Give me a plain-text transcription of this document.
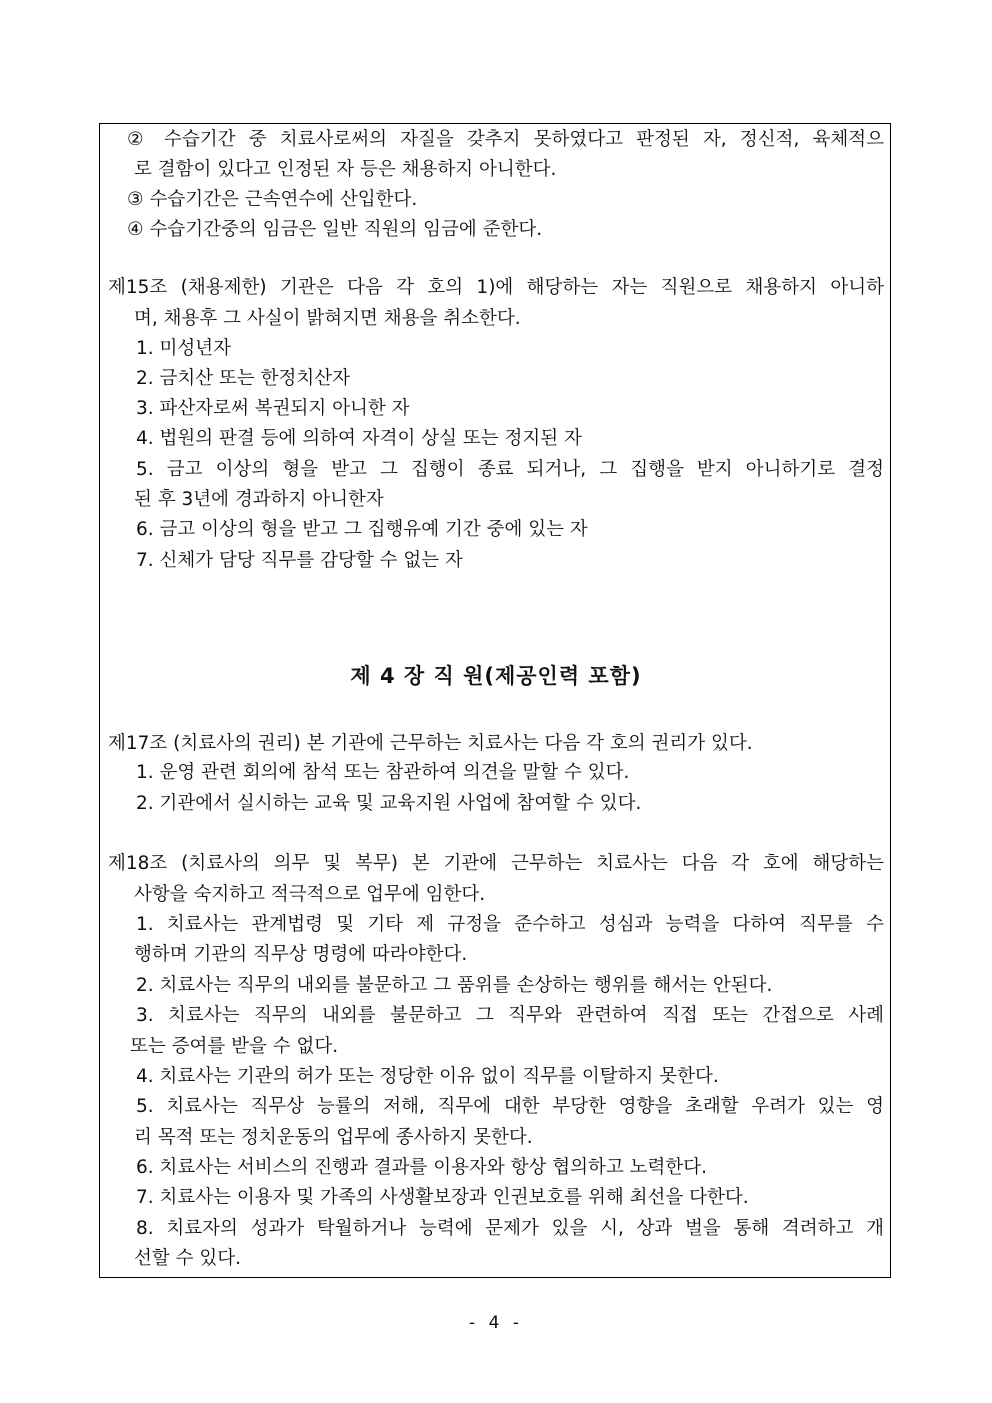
② 수습기간 중 치료사로써의 자질을 갖추지 못하였다고 판정된 자, 정신적, 육체적으
로 결함이 있다고 인정된 자 등은 채용하지 아니한다.
③ 수습기간은 근속연수에 산입한다.
④ 수습기간중의 임금은 일반 직원의 임금에 준한다.
제15조 (채용제한) 기관은 다음 각 호의 1)에 해당하는 자는 직원으로 채용하지 아니하
며, 채용후 그 사실이 밝혀지면 채용을 취소한다.
1. 미성년자
2. 금치산 또는 한정치산자
3. 파산자로써 복권되지 아니한 자
4. 법원의 판결 등에 의하여 자격이 상실 또는 정지된 자
5. 금고 이상의 형을 받고 그 집행이 종료 되거나, 그 집행을 받지 아니하기로 결정
된 후 3년에 경과하지 아니한자
6. 금고 이상의 형을 받고 그 집행유예 기간 중에 있는 자
7. 신체가 담당 직무를 감당할 수 없는 자
제 4 장 직 원(제공인력 포함)
제17조 (치료사의 권리) 본 기관에 근무하는 치료사는 다음 각 호의 권리가 있다.
1. 운영 관련 회의에 참석 또는 참관하여 의견을 말할 수 있다.
2. 기관에서 실시하는 교육 및 교육지원 사업에 참여할 수 있다.
제18조 (치료사의 의무 및 복무) 본 기관에 근무하는 치료사는 다음 각 호에 해당하는
사항을 숙지하고 적극적으로 업무에 임한다.
1. 치료사는 관계법령 및 기타 제 규정을 준수하고 성심과 능력을 다하여 직무를 수
행하며 기관의 직무상 명령에 따라야한다.
2. 치료사는 직무의 내외를 불문하고 그 품위를 손상하는 행위를 해서는 안된다.
3. 치료사는 직무의 내외를 불문하고 그 직무와 관련하여 직접 또는 간접으로 사례
또는 증여를 받을 수 없다.
4. 치료사는 기관의 허가 또는 정당한 이유 없이 직무를 이탈하지 못한다.
5. 치료사는 직무상 능률의 저해, 직무에 대한 부당한 영향을 초래할 우려가 있는 영
리 목적 또는 정치운동의 업무에 종사하지 못한다.
6. 치료사는 서비스의 진행과 결과를 이용자와 항상 협의하고 노력한다.
7. 치료사는 이용자 및 가족의 사생활보장과 인권보호를 위해 최선을 다한다.
8. 치료자의 성과가 탁월하거나 능력에 문제가 있을 시, 상과 벌을 통해 격려하고 개
선할 수 있다.
- 4 -
